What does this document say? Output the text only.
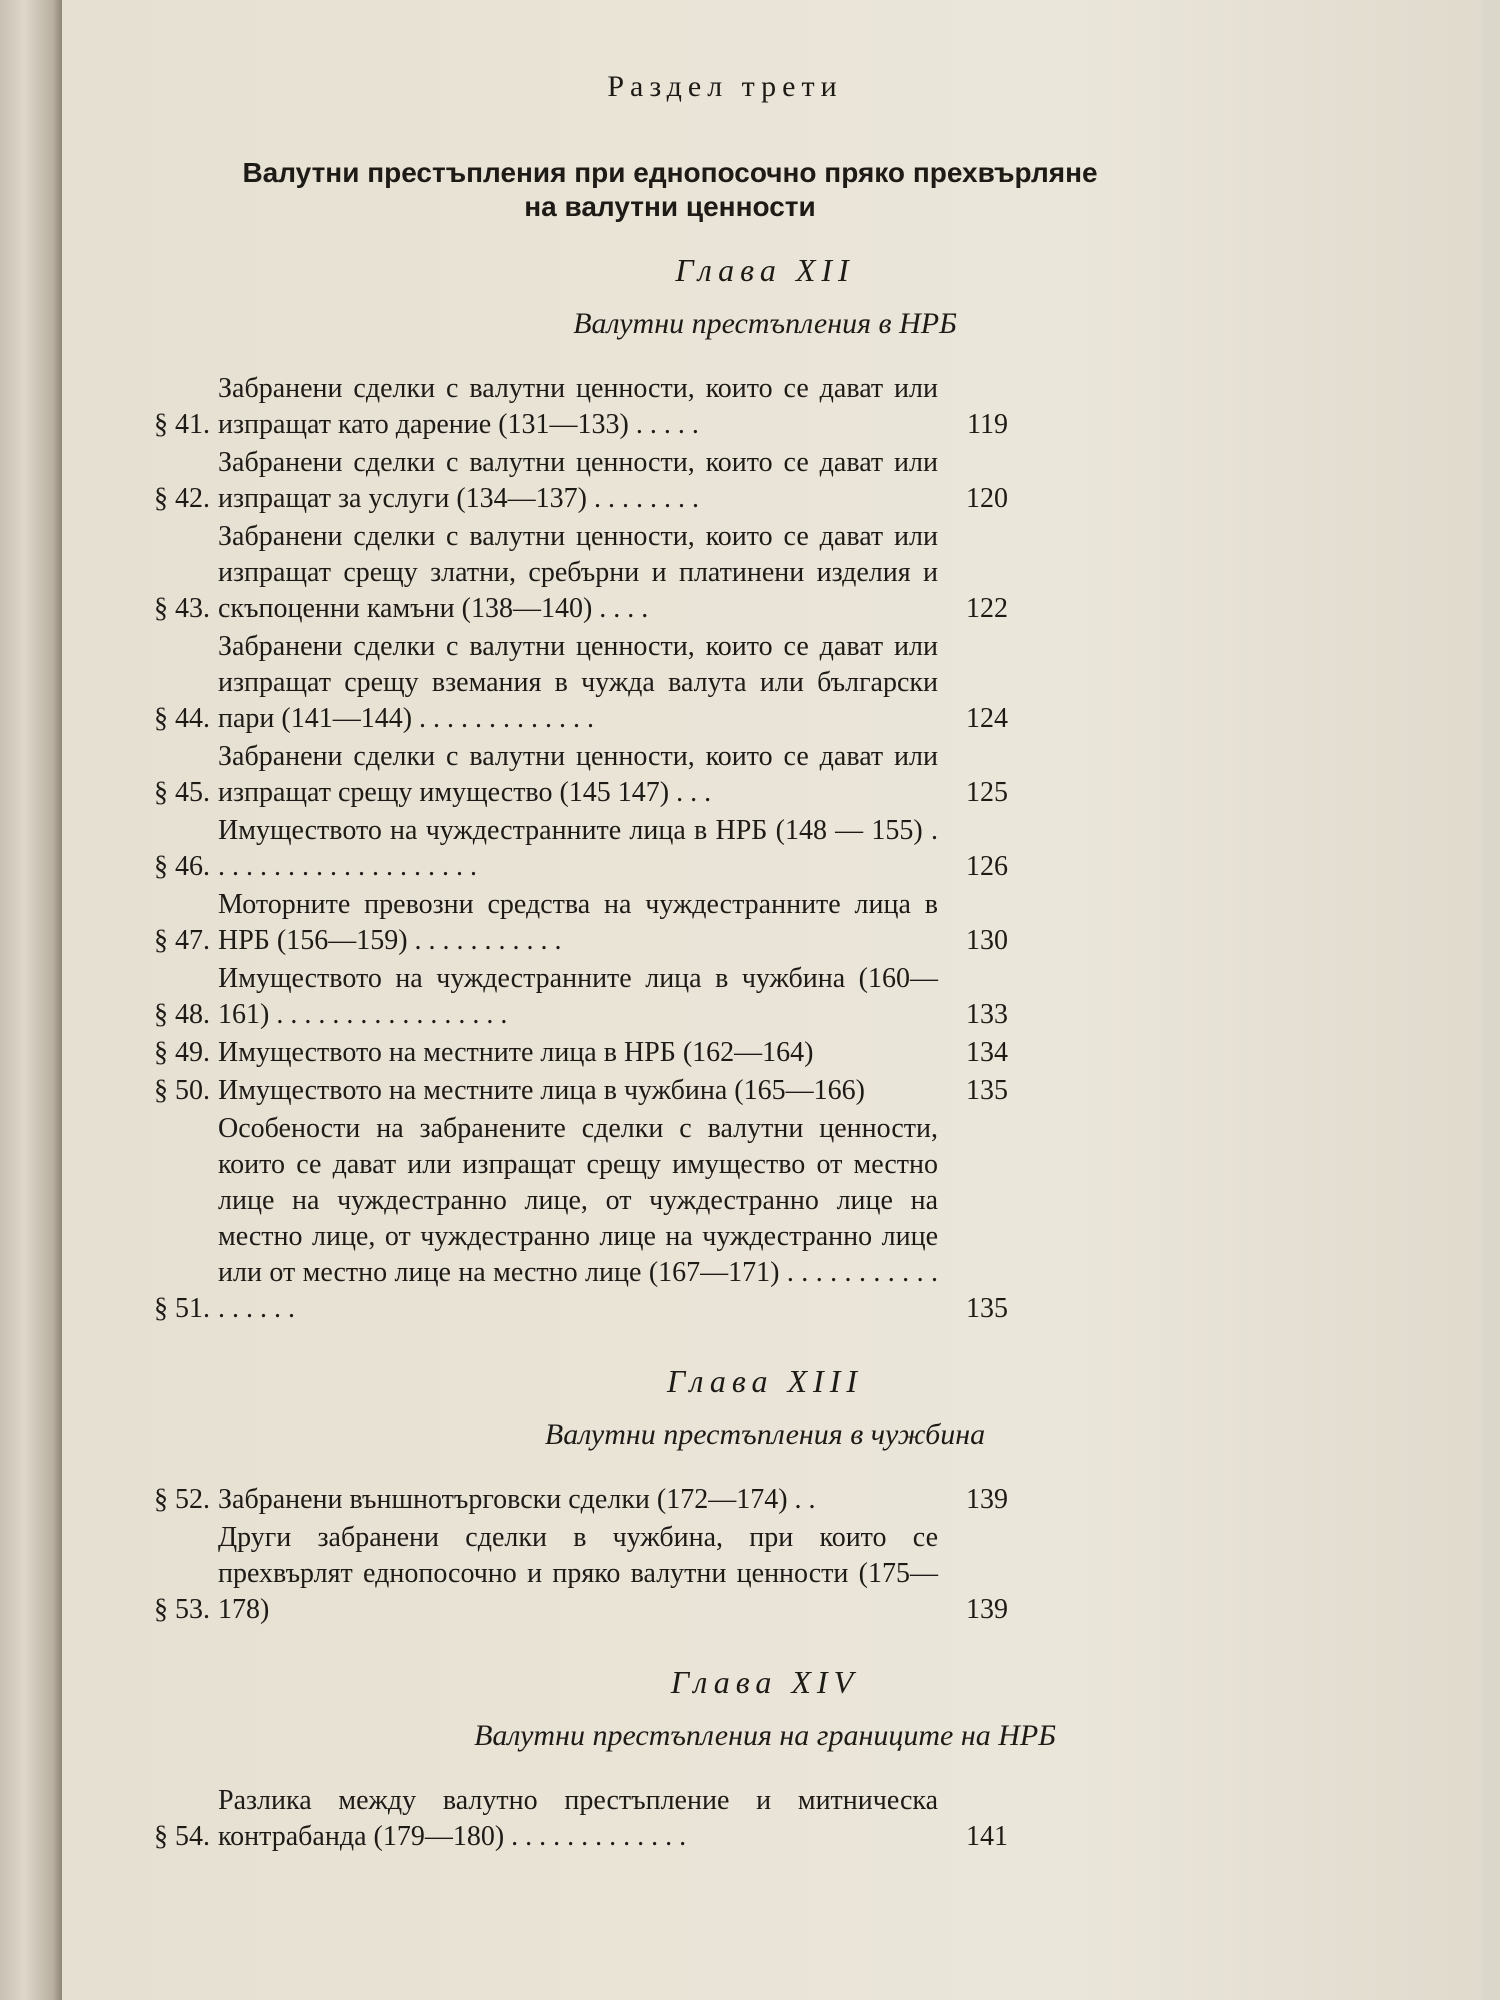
Раздел трети
Валутни престъпления при еднопосочно пряко прехвърляне
на валутни ценности
Глава XII
Валутни престъпления в НРБ
§ 41.
Забранени сделки с валутни ценности, които се дават или изпращат като дарение (131—133) . . . . .	119
§ 42.
Забранени сделки с валутни ценности, които се дават или изпращат за услуги (134—137) . . . . . . . .	120
§ 43.
Забранени сделки с валутни ценности, които се дават или изпращат срещу златни, сребърни и платинени изделия и скъпоценни камъни (138—140) . . . .	122
§ 44.
Забранени сделки с валутни ценности, които се дават или изпращат срещу вземания в чужда валута или български пари (141—144) . . . . . . . . . . . . .	124
§ 45.
Забранени сделки с валутни ценности, които се дават или изпращат срещу имущество (145 147) . . .	125
§ 46.
Имуществото на чуждестранните лица в НРБ (148 — 155) . . . . . . . . . . . . . . . . . . . .	126
§ 47.
Моторните превозни средства на чуждестранните лица в НРБ (156—159) . . . . . . . . . . .	130
§ 48.
Имуществото на чуждестранните лица в чужбина (160—161) . . . . . . . . . . . . . . . . .	133
§ 49. Имуществото на местните лица в НРБ (162—164)	134
§ 50. Имуществото на местните лица в чужбина (165—166)	135
§ 51.
Особености на забранените сделки с валутни ценности, които се дават или изпращат срещу имущество от местно лице на чуждестранно лице, от чуждестранно лице на местно лице, от чуждестранно лице на чуждестранно лице или от местно лице на местно лице (167—171) . . . . . . . . . . . . . . . . .	135
Глава XIII
Валутни престъпления в чужбина
§ 52. Забранени външнотърговски сделки (172—174) . .	139
§ 53.
Други забранени сделки в чужбина, при които се прехвърлят еднопосочно и пряко валутни ценности (175—178)	139
Глава XIV
Валутни престъпления на границите на НРБ
§ 54.
Разлика между валутно престъпление и митническа контрабанда (179—180) . . . . . . . . . . . . .	141
